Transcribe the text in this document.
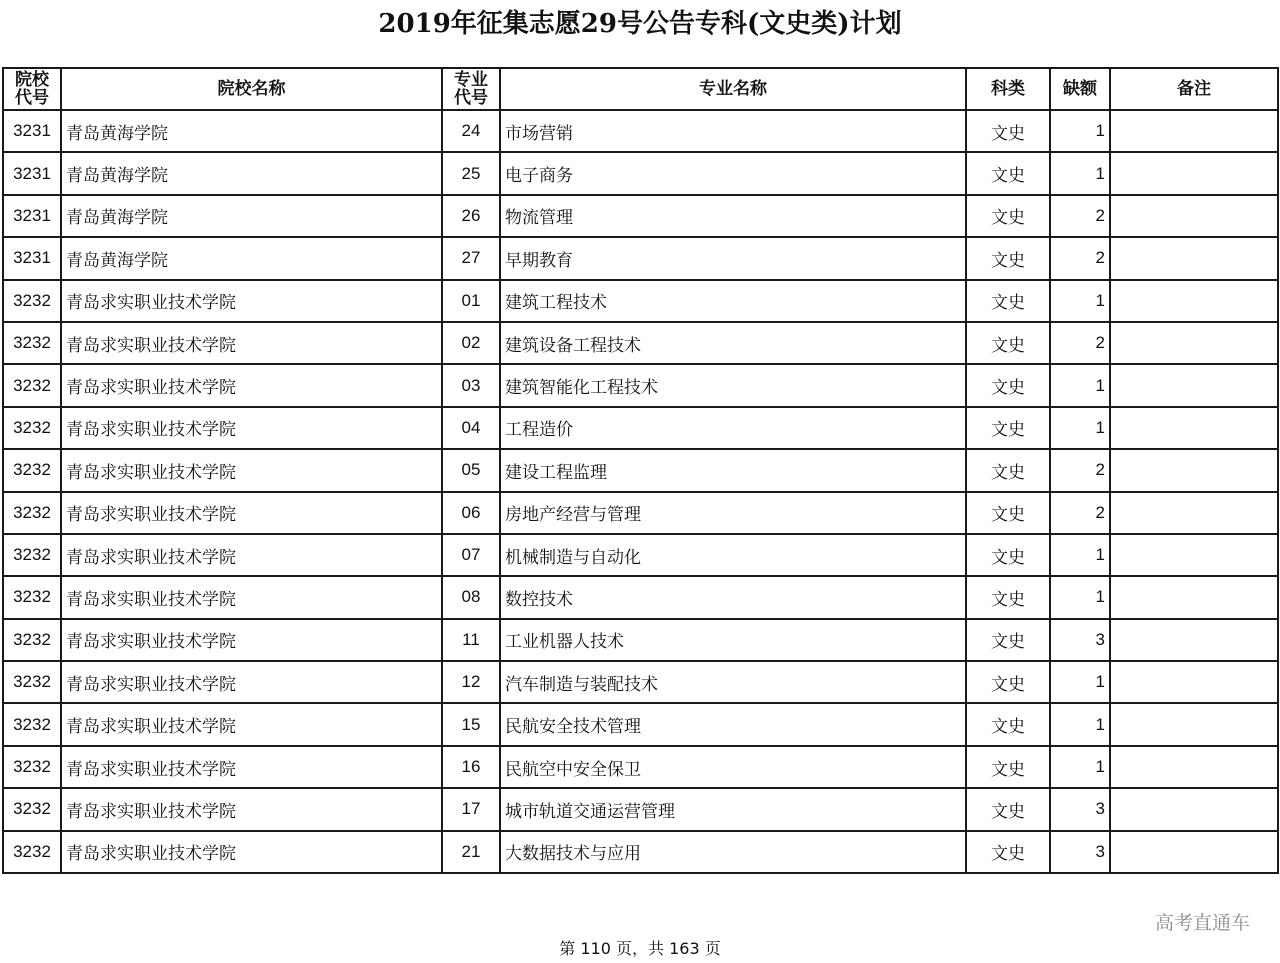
2019年征集志愿29号公告专科(文史类)计划
院校代号	院校名称	专业代号	专业名称	科类	缺额	备注
3231	青岛黄海学院	24	市场营销	文史	1	
3231	青岛黄海学院	25	电子商务	文史	1	
3231	青岛黄海学院	26	物流管理	文史	2	
3231	青岛黄海学院	27	早期教育	文史	2	
3232	青岛求实职业技术学院	01	建筑工程技术	文史	1	
3232	青岛求实职业技术学院	02	建筑设备工程技术	文史	2	
3232	青岛求实职业技术学院	03	建筑智能化工程技术	文史	1	
3232	青岛求实职业技术学院	04	工程造价	文史	1	
3232	青岛求实职业技术学院	05	建设工程监理	文史	2	
3232	青岛求实职业技术学院	06	房地产经营与管理	文史	2	
3232	青岛求实职业技术学院	07	机械制造与自动化	文史	1	
3232	青岛求实职业技术学院	08	数控技术	文史	1	
3232	青岛求实职业技术学院	11	工业机器人技术	文史	3	
3232	青岛求实职业技术学院	12	汽车制造与装配技术	文史	1	
3232	青岛求实职业技术学院	15	民航安全技术管理	文史	1	
3232	青岛求实职业技术学院	16	民航空中安全保卫	文史	1	
3232	青岛求实职业技术学院	17	城市轨道交通运营管理	文史	3	
3232	青岛求实职业技术学院	21	大数据技术与应用	文史	3	
高考直通车
第 110 页，共 163 页
